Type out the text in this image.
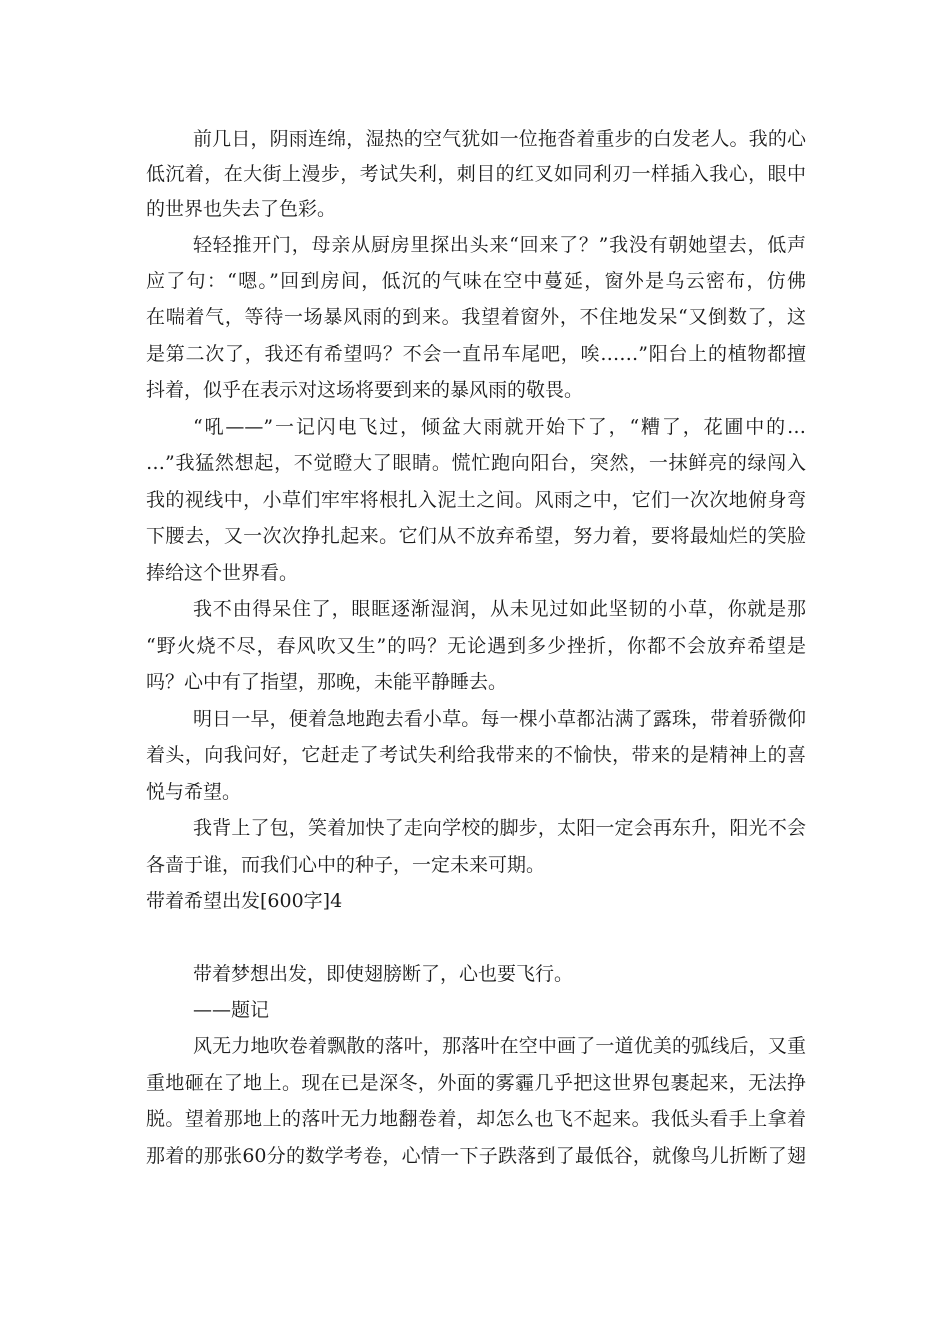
前几日，阴雨连绵，湿热的空气犹如一位拖沓着重步的白发老人。我的心
低沉着，在大街上漫步，考试失利，刺目的红叉如同利刃一样插入我心，眼中
的世界也失去了色彩。
轻轻推开门，母亲从厨房里探出头来“回来了？”我没有朝她望去，低声
应了句：“嗯。”回到房间，低沉的气味在空中蔓延，窗外是乌云密布，仿佛
在喘着气，等待一场暴风雨的到来。我望着窗外，不住地发呆“又倒数了，这
是第二次了，我还有希望吗？不会一直吊车尾吧，唉……”阳台上的植物都擅
抖着，似乎在表示对这场将要到来的暴风雨的敬畏。
“吼——”一记闪电飞过，倾盆大雨就开始下了，“糟了，花圃中的…
…”我猛然想起，不觉瞪大了眼睛。慌忙跑向阳台，突然，一抹鲜亮的绿闯入
我的视线中，小草们牢牢将根扎入泥土之间。风雨之中，它们一次次地俯身弯
下腰去，又一次次挣扎起来。它们从不放弃希望，努力着，要将最灿烂的笑脸
捧给这个世界看。
我不由得呆住了，眼眶逐渐湿润，从未见过如此坚韧的小草，你就是那
“野火烧不尽，春风吹又生”的吗？无论遇到多少挫折，你都不会放弃希望是
吗？心中有了指望，那晚，未能平静睡去。
明日一早，便着急地跑去看小草。每一棵小草都沾满了露珠，带着骄微仰
着头，向我问好，它赶走了考试失利给我带来的不愉快，带来的是精神上的喜
悦与希望。
我背上了包，笑着加快了走向学校的脚步，太阳一定会再东升，阳光不会
各啬于谁，而我们心中的种子，一定未来可期。
带着希望出发[600字]4
带着梦想出发，即使翅膀断了，心也要飞行。
——题记
风无力地吹卷着飘散的落叶，那落叶在空中画了一道优美的弧线后，又重
重地砸在了地上。现在已是深冬，外面的雾霾几乎把这世界包裹起来，无法挣
脱。望着那地上的落叶无力地翻卷着，却怎么也飞不起来。我低头看手上拿着
那着的那张60分的数学考卷，心情一下子跌落到了最低谷，就像鸟儿折断了翅
